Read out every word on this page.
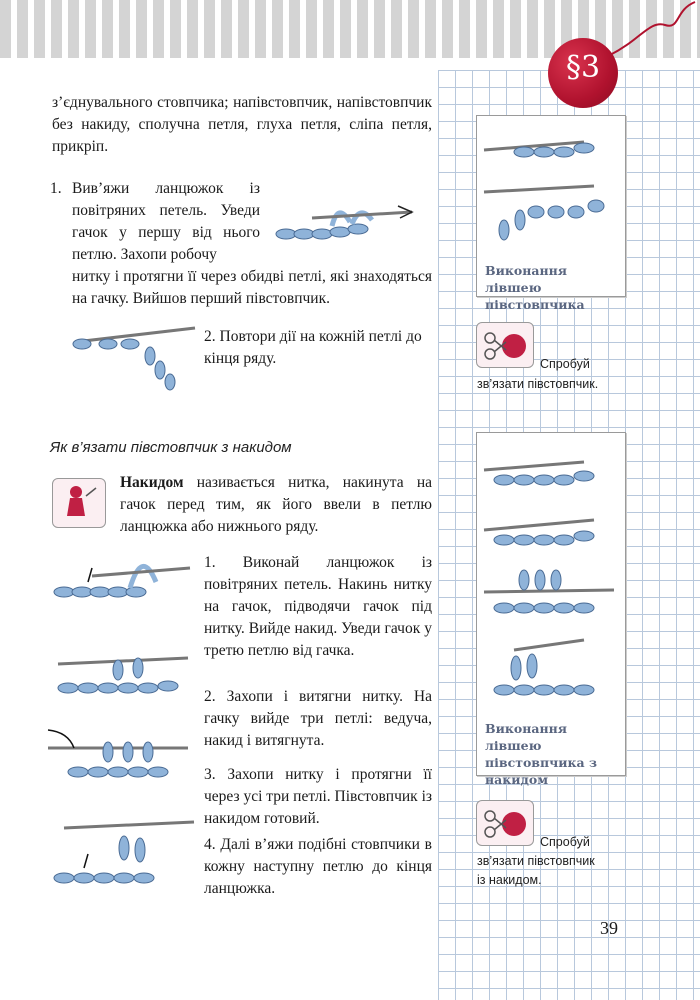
§3

з’єднувального стовпчика; напівстовпчик, напівстовпчик без накиду, сполучна петля, глуха петля, сліпа петля, прикріп.

1. Вив’яжи ланцюжок із повітряних петель. Уведи гачок у першу від нього петлю. Захопи робочу

нитку і протягни її через обидві петлі, які знаходяться на гачку. Вийшов перший півстовпчик.

2. Повтори дії на кожній петлі до кінця ряду.

Виконання лівшею півстовпчика
Спробуй
зв’язати півстовпчик.
Як в’язати півстовпчик з накидом

Накидом називається нитка, накинута на гачок перед тим, як його ввели в петлю ланцюжка або нижнього ряду.

1. Виконай ланцюжок із повітряних петель. Накинь нитку на гачок, підводячи гачок під нитку. Вийде накид. Уведи гачок у третю петлю від гачка.

2. Захопи і витягни нитку. На гачку вийде три петлі: ведуча, накид і витягнута.

3. Захопи нитку і протягни її через усі три петлі. Півстовпчик із накидом готовий.

4. Далі в’яжи подібні стовпчики в кожну наступну петлю до кінця ланцюжка.

Виконання лівшею півстовпчика з накидом
Спробуй
зв’язати півстовпчик
із накидом.
39
